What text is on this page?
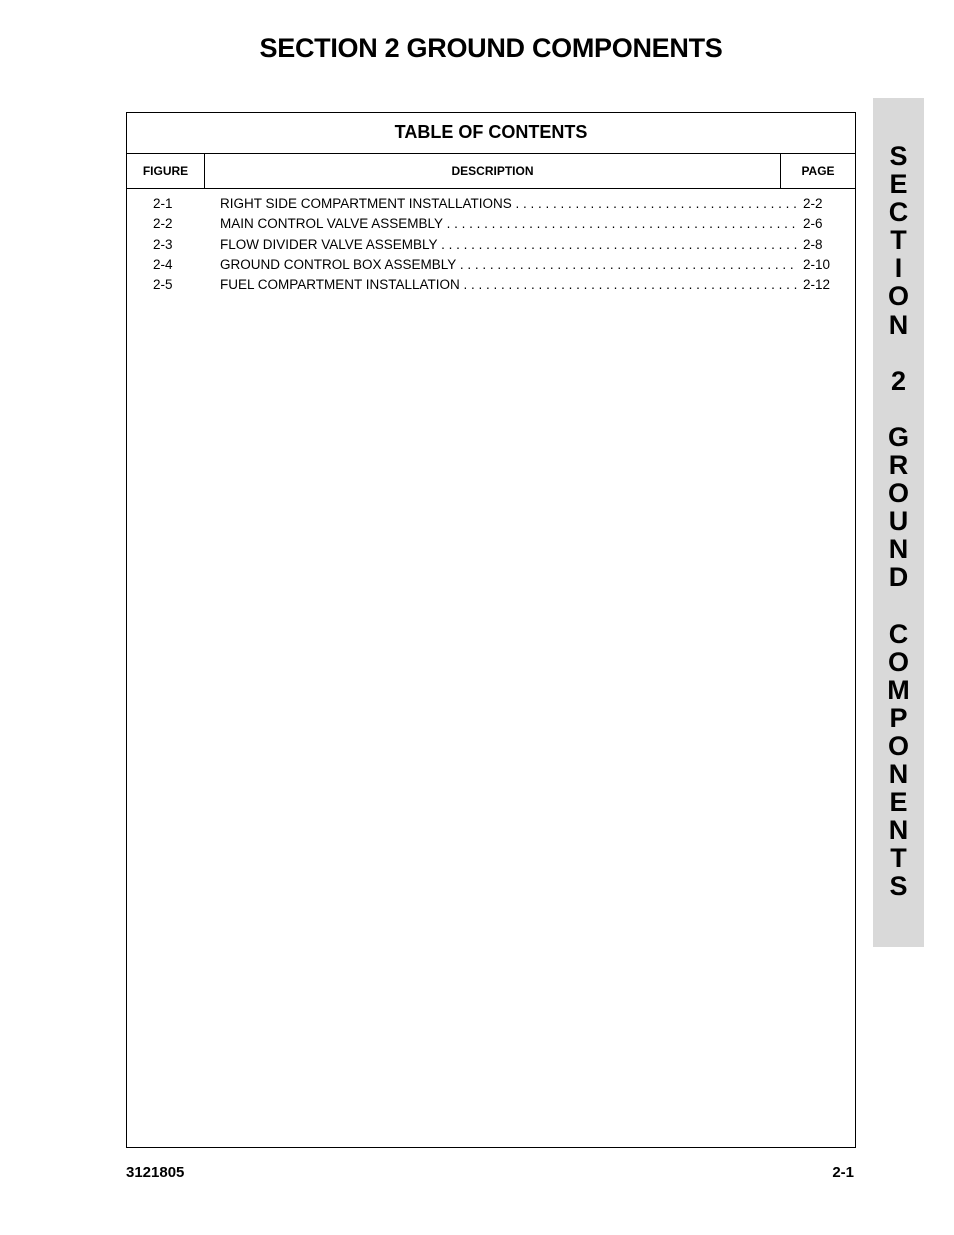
SECTION 2 GROUND COMPONENTS
TABLE OF CONTENTS
FIGURE	DESCRIPTION	PAGE
2-1	RIGHT SIDE COMPARTMENT INSTALLATIONS . . .	2-2
2-2	MAIN CONTROL VALVE ASSEMBLY . . .	2-6
2-3	FLOW DIVIDER VALVE ASSEMBLY . . .	2-8
2-4	GROUND CONTROL BOX ASSEMBLY . . .	2-10
2-5	FUEL COMPARTMENT INSTALLATION . . .	2-12
S
E
C
T
I
O
N

2

G
R
O
U
N
D

C
O
M
P
O
N
E
N
T
S
3121805	2-1
